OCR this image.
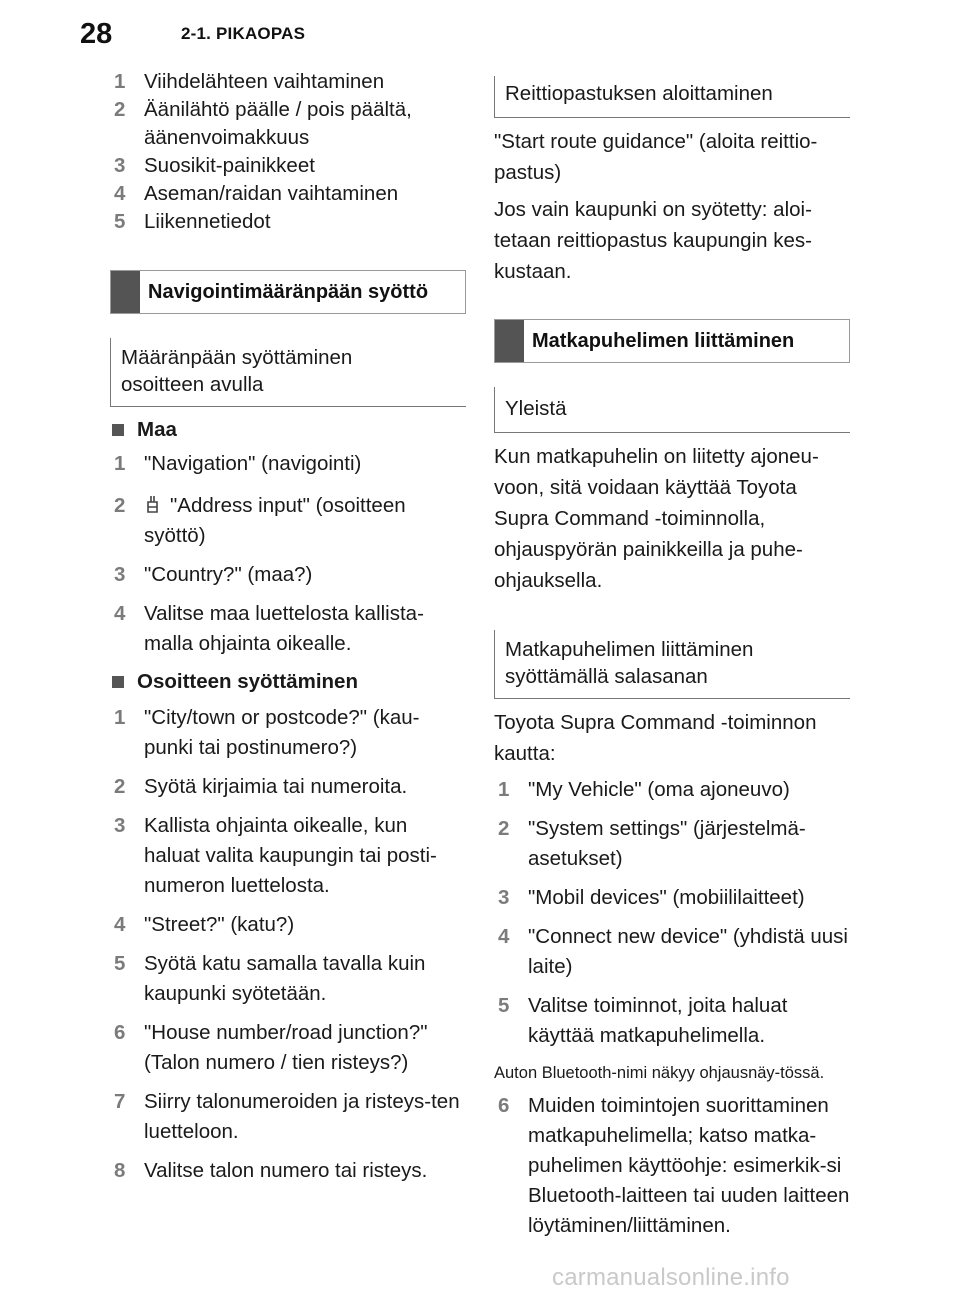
28	2-1. PIKAOPAS
1 Viihdelähteen vaihtaminen
2 Äänilähtö päälle / pois päältä, äänenvoimakkuus
3 Suosikit-painikkeet
4 Aseman/raidan vaihtaminen
5 Liikennetiedot
Navigointimääränpään syöttö
Määränpään syöttäminen osoitteen avulla
Maa
1 "Navigation" (navigointi)
2 "Address input" (osoitteen syöttö)
3 "Country?" (maa?)
4 Valitse maa luettelosta kallista-malla ohjainta oikealle.
Osoitteen syöttäminen
1 "City/town or postcode?" (kau-punki tai postinumero?)
2 Syötä kirjaimia tai numeroita.
3 Kallista ohjainta oikealle, kun haluat valita kaupungin tai posti-numeron luettelosta.
4 "Street?" (katu?)
5 Syötä katu samalla tavalla kuin kaupunki syötetään.
6 "House number/road junction?" (Talon numero / tien risteys?)
7 Siirry talonumeroiden ja risteys-ten luetteloon.
8 Valitse talon numero tai risteys.
Reittiopastuksen aloittaminen
"Start route guidance" (aloita reittio-pastus)
Jos vain kaupunki on syötetty: aloi-tetaan reittiopastus kaupungin kes-kustaan.
Matkapuhelimen liittäminen
Yleistä
Kun matkapuhelin on liitetty ajoneu-voon, sitä voidaan käyttää Toyota Supra Command -toiminnolla, ohjauspyörän painikkeilla ja puhe-ohjauksella.
Matkapuhelimen liittäminen syöttämällä salasanan
Toyota Supra Command -toiminnon kautta:
1 "My Vehicle" (oma ajoneuvo)
2 "System settings" (järjestelmä-asetukset)
3 "Mobil devices" (mobiililaitteet)
4 "Connect new device" (yhdistä uusi laite)
5 Valitse toiminnot, joita haluat käyttää matkapuhelimella.
Auton Bluetooth-nimi näkyy ohjausnäy-tössä.
6 Muiden toimintojen suorittaminen matkapuhelimella; katso matka-puhelimen käyttöohje: esimerkik-si Bluetooth-laitteen tai uuden laitteen löytäminen/liittäminen.
carmanualsonline.info
